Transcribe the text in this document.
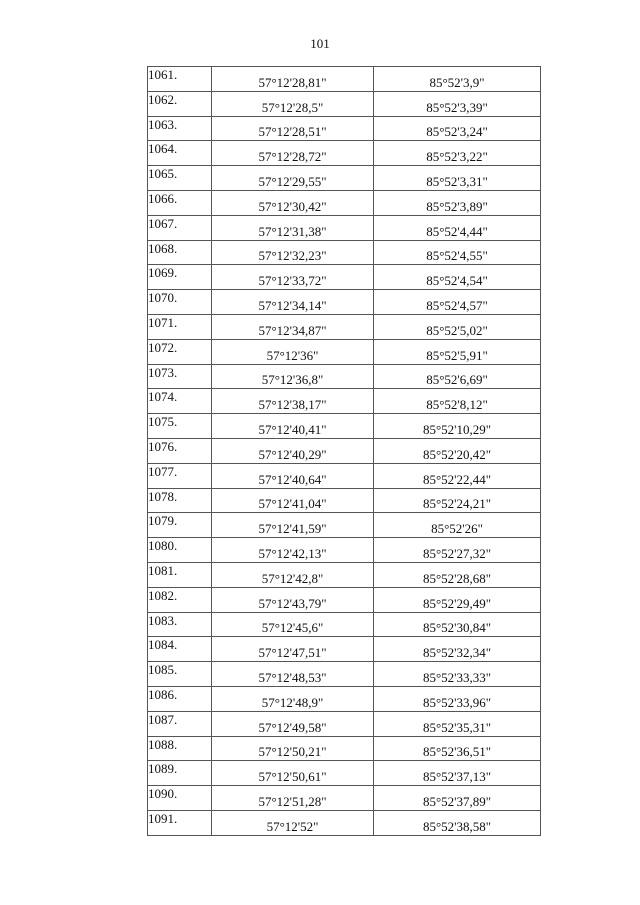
101
1061.	57°12'28,81"	85°52'3,9"
1062.	57°12'28,5"	85°52'3,39"
1063.	57°12'28,51"	85°52'3,24"
1064.	57°12'28,72"	85°52'3,22"
1065.	57°12'29,55"	85°52'3,31"
1066.	57°12'30,42"	85°52'3,89"
1067.	57°12'31,38"	85°52'4,44"
1068.	57°12'32,23"	85°52'4,55"
1069.	57°12'33,72"	85°52'4,54"
1070.	57°12'34,14"	85°52'4,57"
1071.	57°12'34,87"	85°52'5,02"
1072.	57°12'36"	85°52'5,91"
1073.	57°12'36,8"	85°52'6,69"
1074.	57°12'38,17"	85°52'8,12"
1075.	57°12'40,41"	85°52'10,29"
1076.	57°12'40,29"	85°52'20,42"
1077.	57°12'40,64"	85°52'22,44"
1078.	57°12'41,04"	85°52'24,21"
1079.	57°12'41,59"	85°52'26"
1080.	57°12'42,13"	85°52'27,32"
1081.	57°12'42,8"	85°52'28,68"
1082.	57°12'43,79"	85°52'29,49"
1083.	57°12'45,6"	85°52'30,84"
1084.	57°12'47,51"	85°52'32,34"
1085.	57°12'48,53"	85°52'33,33"
1086.	57°12'48,9"	85°52'33,96"
1087.	57°12'49,58"	85°52'35,31"
1088.	57°12'50,21"	85°52'36,51"
1089.	57°12'50,61"	85°52'37,13"
1090.	57°12'51,28"	85°52'37,89"
1091.	57°12'52"	85°52'38,58"
